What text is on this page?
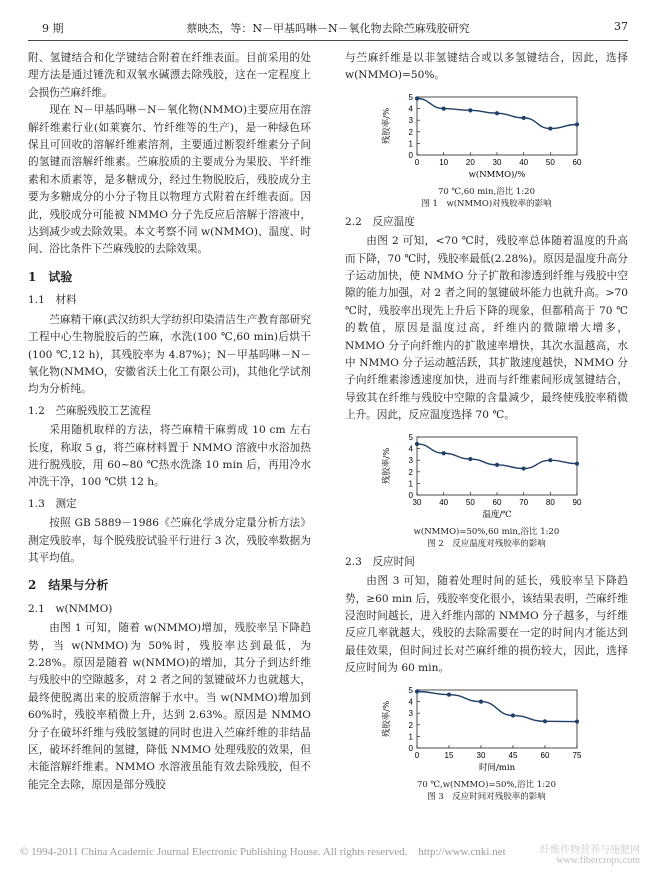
9 期	蔡映杰，等：N－甲基吗啉－N－氧化物去除苎麻残胶研究	37

附、氢键结合和化学键结合附着在纤维表面。目前采用的处理方法是通过锤洗和双氧水碱漂去除残胶，这在一定程度上会损伤苎麻纤维。

现在 N－甲基吗啉－N－氧化物(NMMO)主要应用在溶解纤维素行业(如莱赛尔、竹纤维等的生产)，是一种绿色环保且可回收的溶解纤维素溶剂，主要通过断裂纤维素分子间的氢键而溶解纤维素。苎麻胶质的主要成分为果胶、半纤维素和木质素等，是多糖成分，经过生物脱胶后，残胶成分主要为多糖成分的小分子物且以物理方式附着在纤维表面。因此，残胶成分可能被 NMMO 分子先反应后溶解于溶液中，达到减少或去除效果。本文考察不同 w(NMMO)、温度、时间、浴比条件下苎麻残胶的去除效果。

1　试验
1.1　材料

苎麻精干麻(武汉纺织大学纺织印染清洁生产教育部研究工程中心生物脱胶后的苎麻，水洗(100 ℃,60 min)后烘干(100 ℃,12 h)，其残胶率为 4.87%)；N－甲基吗啉－N－氧化物(NMMO，安徽省沃土化工有限公司)，其他化学试剂均为分析纯。

1.2　苎麻脱残胶工艺流程

采用随机取样的方法，将苎麻精干麻剪成 10 cm 左右长度，称取 5 g，将苎麻材料置于 NMMO 溶液中水浴加热进行脱残胶，用 60~80 ℃热水洗涤 10 min 后，再用冷水冲洗干净，100 ℃烘 12 h。

1.3　测定

按照 GB 5889－1986《苎麻化学成分定量分析方法》测定残胶率，每个脱残胶试验平行进行 3 次，残胶率数据为其平均值。

2　结果与分析
2.1　w(NMMO)

由图 1 可知，随着 w(NMMO)增加，残胶率呈下降趋势，当 w(NMMO)为 50%时，残胶率达到最低，为 2.28%。原因是随着 w(NMMO)的增加，其分子到达纤维与残胶中的空隙越多，对 2 者之间的氢键破坏力也就越大，最终使脱离出来的胶质溶解于水中。当 w(NMMO)增加到 60%时，残胶率稍微上升，达到 2.63%。原因是 NMMO 分子在破坏纤维与残胶氢键的同时也进入苎麻纤维的非结晶区，破坏纤维间的氢键，降低 NMMO 处理残胶的效果，但未能溶解纤维素。NMMO 水溶液虽能有效去除残胶，但不能完全去除，原因是部分残胶

与苎麻纤维是以非氢键结合或以多氢键结合，因此，选择 w(NMMO)=50%。

0
1
2
3
4
5
0 10 20 30 40 50 60
w(NMMO)/%
残胶率/%
70 ℃,60 min,浴比 1:20
图 1　w(NMMO)对残胶率的影响
2.2　反应温度

由图 2 可知，<70 ℃时，残胶率总体随着温度的升高而下降，70 ℃时，残胶率最低(2.28%)。原因是温度升高分子运动加快，使 NMMO 分子扩散和渗透到纤维与残胶中空隙的能力加强，对 2 者之间的氢键破坏能力也就升高。>70 ℃时，残胶率出现先上升后下降的现象，但都稍高于 70 ℃的数值，原因是温度过高，纤维内的微隙增大增多，NMMO 分子向纤维内的扩散速率增快，其次水温越高，水中 NMMO 分子运动越活跃，其扩散速度越快，NMMO 分子向纤维素渗透速度加快，进而与纤维素间形成氢键结合，导致其在纤维与残胶中空隙的含量减少，最终使残胶率稍微上升。因此，反应温度选择 70 ℃。

0
1
2
3
4
5
30 40 50 60 70 80 90
温度/℃
残胶率/%
w(NMMO)=50%,60 min,浴比 1:20
图 2　反应温度对残胶率的影响
2.3　反应时间

由图 3 可知，随着处理时间的延长，残胶率呈下降趋势，≥60 min 后，残胶率变化很小，该结果表明，苎麻纤维浸泡时间越长，进入纤维内部的 NMMO 分子越多，与纤维反应几率就越大，残胶的去除需要在一定的时间内才能达到最佳效果，但时间过长对苎麻纤维的损伤较大，因此，选择反应时间为 60 min。

0
1
2
3
4
5
0	15	30	45	60	75
时间/min
残胶率/%
70 ℃,w(NMMO)=50%,浴比 1:20
图 3　反应时间对残胶率的影响
© 1994-2011 China Academic Journal Electronic Publishing House. All rights reserved.　http://www.cnki.net	纤维作物营养与施肥网
www.fibercrops.com
